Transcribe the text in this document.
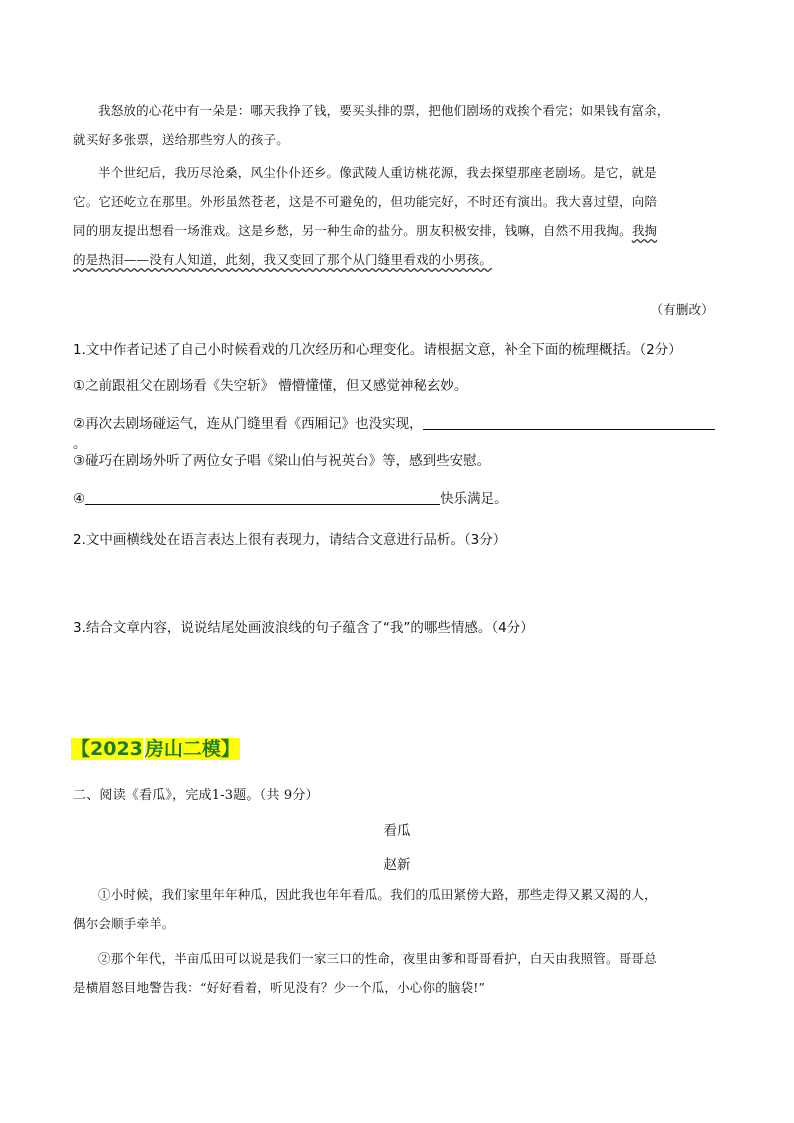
我怒放的心花中有一朵是：哪天我挣了钱，要买头排的票，把他们剧场的戏挨个看完；如果钱有富余，

就买好多张票，送给那些穷人的孩子。

半个世纪后，我历尽沧桑，风尘仆仆还乡。像武陵人重访桃花源，我去探望那座老剧场。是它，就是

它。它还屹立在那里。外形虽然苍老，这是不可避免的，但功能完好，不时还有演出。我大喜过望，向陪

同的朋友提出想看一场淮戏。这是乡愁，另一种生命的盐分。朋友积极安排，钱嘛，自然不用我掏。我掏

的是热泪——没有人知道，此刻，我又变回了那个从门缝里看戏的小男孩。

（有删改）
1.文中作者记述了自己小时候看戏的几次经历和心理变化。请根据文意，补全下面的梳理概括。（2分）
①之前跟祖父在剧场看《失空斩》 懵懵懂懂，但又感觉神秘玄妙。
②再次去剧场碰运气，连从门缝里看《西厢记》也没实现，。
③碰巧在剧场外听了两位女子唱《梁山伯与祝英台》等，感到些安慰。
④	快乐满足。
2.文中画横线处在语言表达上很有表现力，请结合文意进行品析。（3分）
3.结合文章内容，说说结尾处画波浪线的句子蕴含了“我”的哪些情感。（4分）
【2023  房山二模】
二、阅读《看瓜》，完成1-3题。（共 9分）
看瓜
赵新

①小时候，我们家里年年种瓜，因此我也年年看瓜。我们的瓜田紧傍大路，那些走得又累又渴的人，

偶尔会顺手牵羊。

②那个年代，半亩瓜田可以说是我们一家三口的性命，夜里由爹和哥哥看护，白天由我照管。哥哥总

是横眉怒目地警告我：“好好看着，听见没有？少一个瓜，小心你的脑袋!”
